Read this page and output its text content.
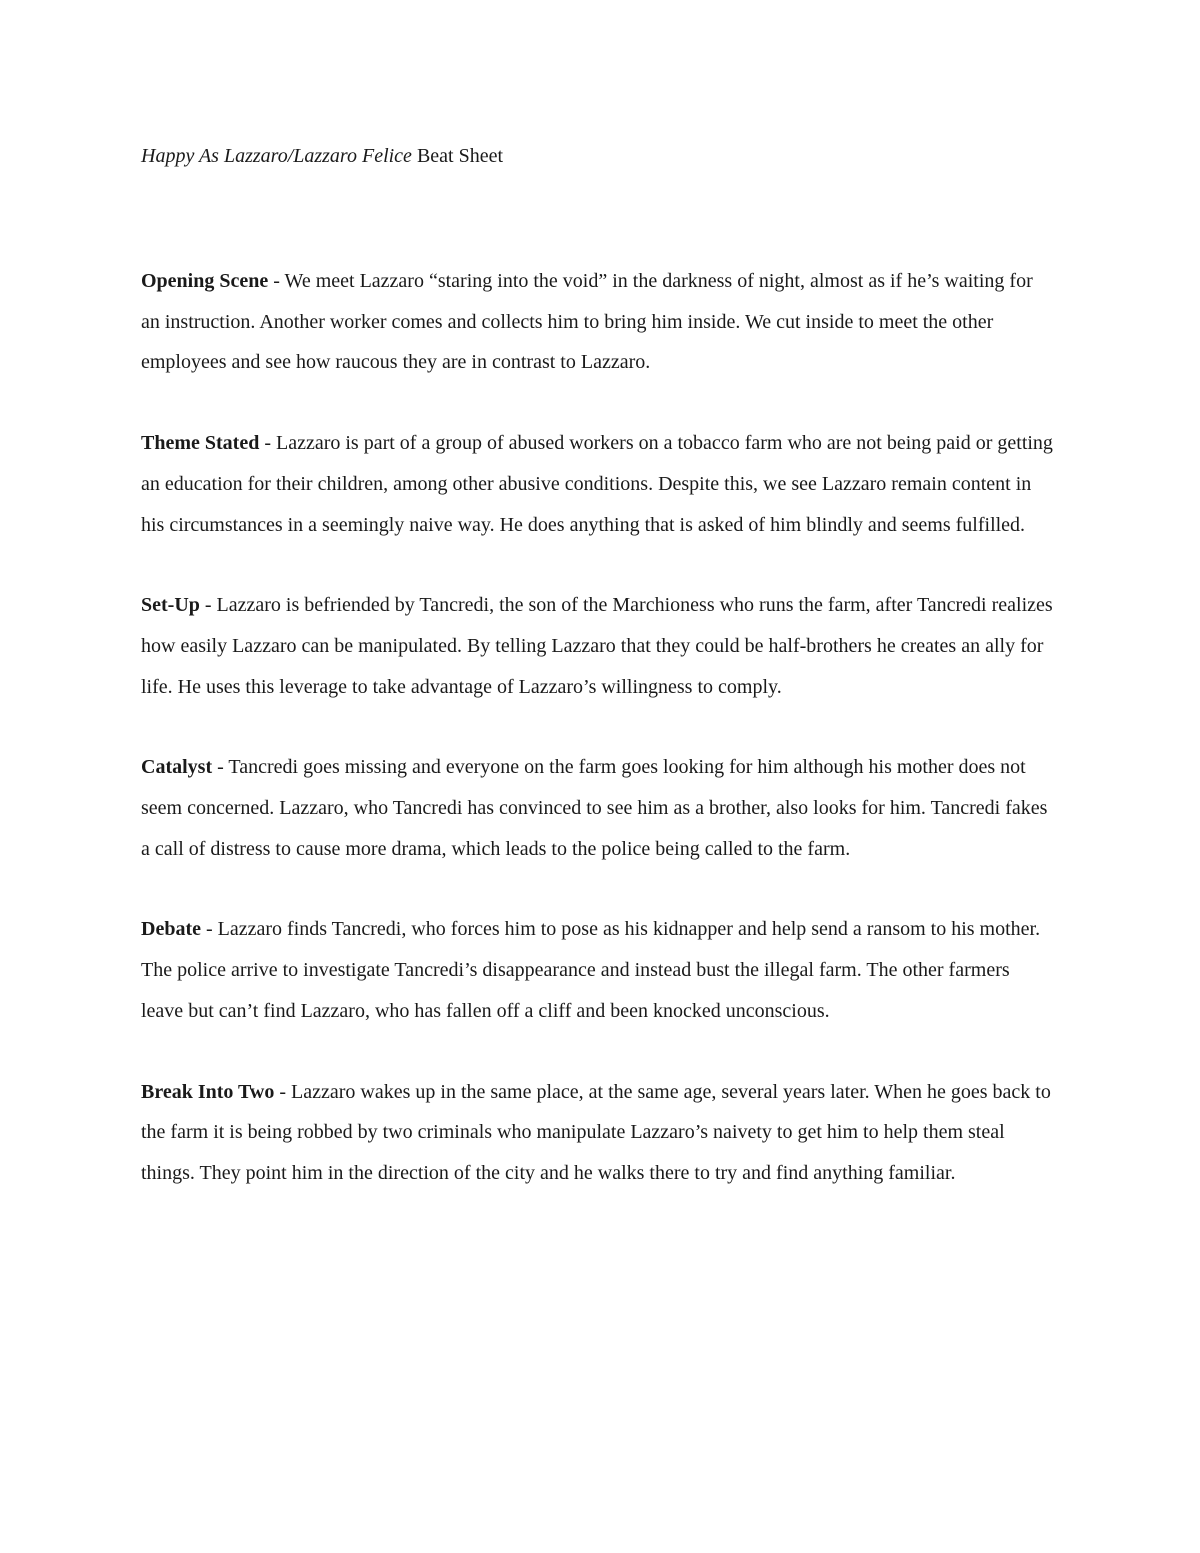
Happy As Lazzaro/Lazzaro Felice Beat Sheet

Opening Scene - We meet Lazzaro “staring into the void” in the darkness of night, almost as if he’s waiting for an instruction. Another worker comes and collects him to bring him inside. We cut inside to meet the other employees and see how raucous they are in contrast to Lazzaro.

Theme Stated - Lazzaro is part of a group of abused workers on a tobacco farm who are not being paid or getting an education for their children, among other abusive conditions. Despite this, we see Lazzaro remain content in his circumstances in a seemingly naive way. He does anything that is asked of him blindly and seems fulfilled.

Set-Up - Lazzaro is befriended by Tancredi, the son of the Marchioness who runs the farm, after Tancredi realizes how easily Lazzaro can be manipulated. By telling Lazzaro that they could be half-brothers he creates an ally for life. He uses this leverage to take advantage of Lazzaro’s willingness to comply.

Catalyst - Tancredi goes missing and everyone on the farm goes looking for him although his mother does not seem concerned. Lazzaro, who Tancredi has convinced to see him as a brother, also looks for him. Tancredi fakes a call of distress to cause more drama, which leads to the police being called to the farm.

Debate - Lazzaro finds Tancredi, who forces him to pose as his kidnapper and help send a ransom to his mother. The police arrive to investigate Tancredi’s disappearance and instead bust the illegal farm. The other farmers leave but can’t find Lazzaro, who has fallen off a cliff and been knocked unconscious.

Break Into Two - Lazzaro wakes up in the same place, at the same age, several years later. When he goes back to the farm it is being robbed by two criminals who manipulate Lazzaro’s naivety to get him to help them steal things. They point him in the direction of the city and he walks there to try and find anything familiar.
